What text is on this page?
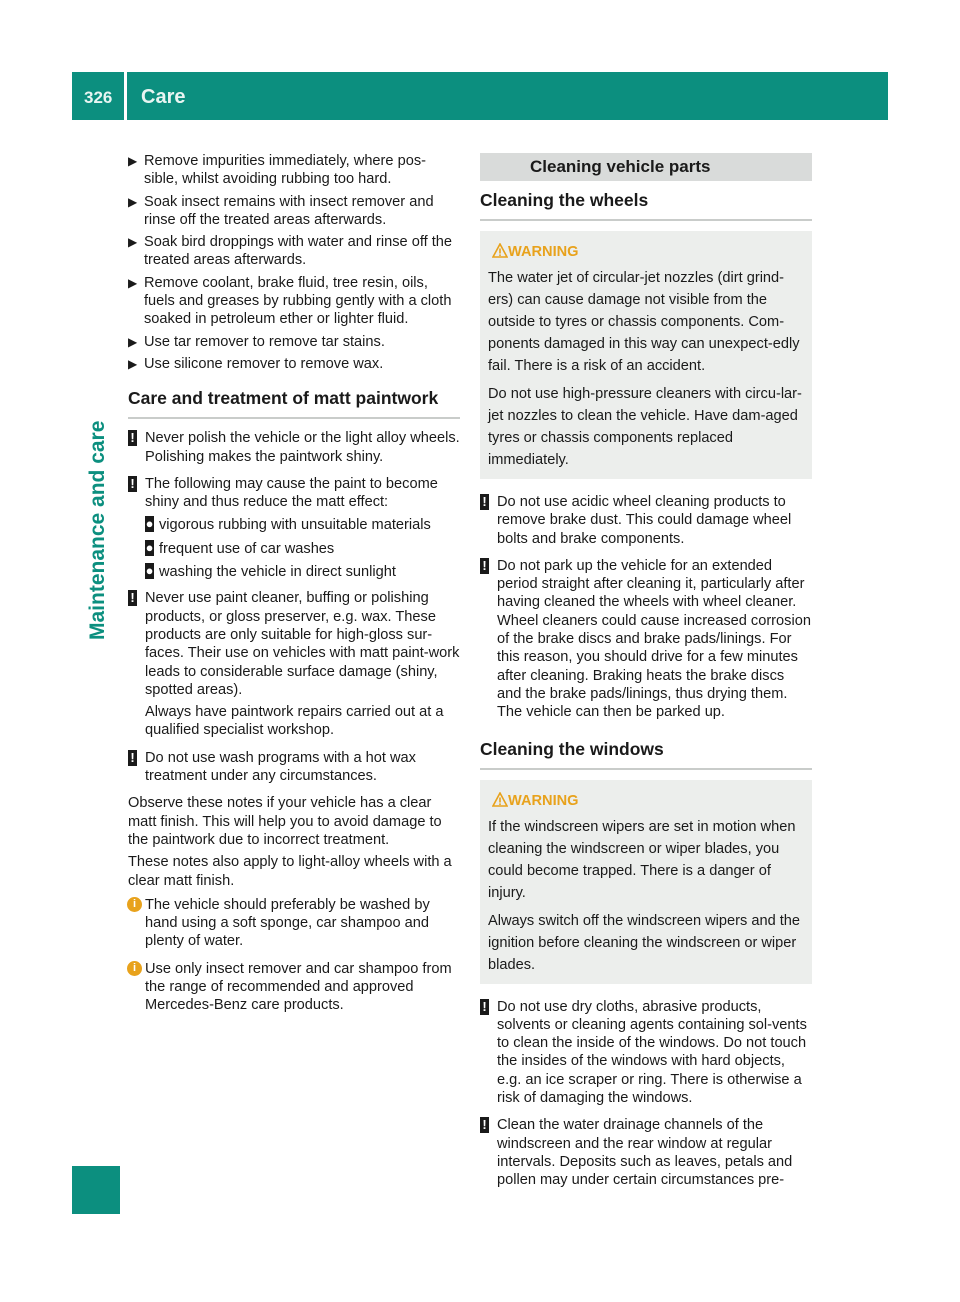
326 Care
Maintenance and care
▶ Remove impurities immediately, where pos-sible, whilst avoiding rubbing too hard.
▶ Soak insect remains with insect remover and rinse off the treated areas afterwards.
▶ Soak bird droppings with water and rinse off the treated areas afterwards.
▶ Remove coolant, brake fluid, tree resin, oils, fuels and greases by rubbing gently with a cloth soaked in petroleum ether or lighter fluid.
▶ Use tar remover to remove tar stains.
▶ Use silicone remover to remove wax.
Care and treatment of matt paintwork
! Never polish the vehicle or the light alloy wheels. Polishing makes the paintwork shiny.
! The following may cause the paint to become shiny and thus reduce the matt effect:
● vigorous rubbing with unsuitable materials
● frequent use of car washes
● washing the vehicle in direct sunlight
! Never use paint cleaner, buffing or polishing products, or gloss preserver, e.g. wax. These products are only suitable for high-gloss sur-faces. Their use on vehicles with matt paint-work leads to considerable surface damage (shiny, spotted areas).
Always have paintwork repairs carried out at a qualified specialist workshop.
! Do not use wash programs with a hot wax treatment under any circumstances.
Observe these notes if your vehicle has a clear matt finish. This will help you to avoid damage to the paintwork due to incorrect treatment.
These notes also apply to light-alloy wheels with a clear matt finish.
i The vehicle should preferably be washed by hand using a soft sponge, car shampoo and plenty of water.
i Use only insect remover and car shampoo from the range of recommended and approved Mercedes-Benz care products.
Cleaning vehicle parts
Cleaning the wheels
WARNING

The water jet of circular-jet nozzles (dirt grind-ers) can cause damage not visible from the outside to tyres or chassis components. Com-ponents damaged in this way can unexpect-edly fail. There is a risk of an accident.

Do not use high-pressure cleaners with circu-lar-jet nozzles to clean the vehicle. Have dam-aged tyres or chassis components replaced immediately.

! Do not use acidic wheel cleaning products to remove brake dust. This could damage wheel bolts and brake components.
! Do not park up the vehicle for an extended period straight after cleaning it, particularly after having cleaned the wheels with wheel cleaner. Wheel cleaners could cause increased corrosion of the brake discs and brake pads/linings. For this reason, you should drive for a few minutes after cleaning. Braking heats the brake discs and the brake pads/linings, thus drying them. The vehicle can then be parked up.
Cleaning the windows
WARNING

If the windscreen wipers are set in motion when cleaning the windscreen or wiper blades, you could become trapped. There is a danger of injury.

Always switch off the windscreen wipers and the ignition before cleaning the windscreen or wiper blades.

! Do not use dry cloths, abrasive products, solvents or cleaning agents containing sol-vents to clean the inside of the windows. Do not touch the insides of the windows with hard objects, e.g. an ice scraper or ring. There is otherwise a risk of damaging the windows.
! Clean the water drainage channels of the windscreen and the rear window at regular intervals. Deposits such as leaves, petals and pollen may under certain circumstances pre-
